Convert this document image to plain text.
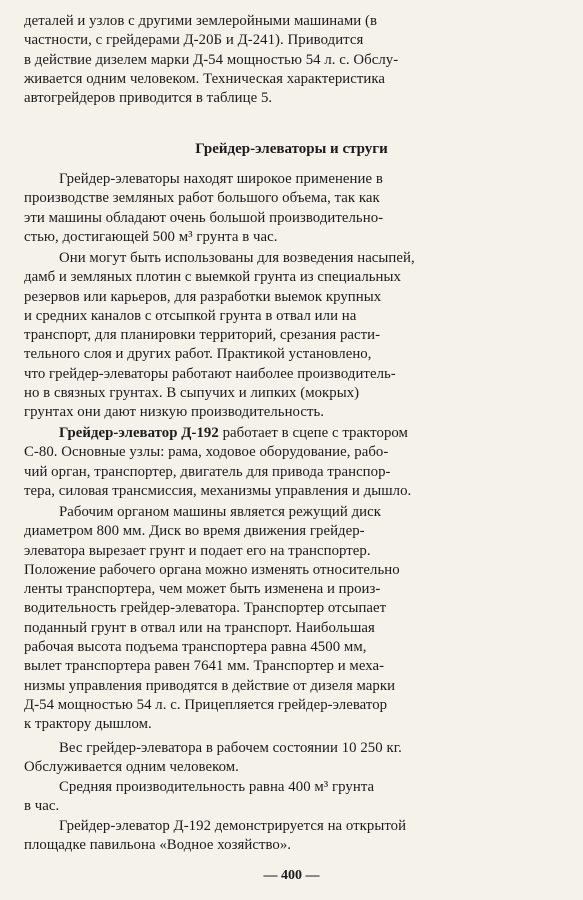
деталей и узлов с другими землеройными машинами (в
частности, с грейдерами Д-20Б и Д-241). Приводится
в действие дизелем марки Д-54 мощностью 54 л. с. Обслу-
живается одним человеком. Техническая характеристика
автогрейдеров приводится в таблице 5.
Грейдер-элеваторы и струги
Грейдер-элеваторы находят широкое применение в
производстве земляных работ большого объема, так как
эти машины обладают очень большой производительно-
стью, достигающей 500 м³ грунта в час.
Они могут быть использованы для возведения насыпей,
дамб и земляных плотин с выемкой грунта из специальных
резервов или карьеров, для разработки выемок крупных
и средних каналов с отсыпкой грунта в отвал или на
транспорт, для планировки территорий, срезания расти-
тельного слоя и других работ. Практикой установлено,
что грейдер-элеваторы работают наиболее производитель-
но в связных грунтах. В сыпучих и липких (мокрых)
грунтах они дают низкую производительность.
Грейдер-элеватор Д-192 работает в сцепе с трактором
С-80. Основные узлы: рама, ходовое оборудование, рабо-
чий орган, транспортер, двигатель для привода транспор-
тера, силовая трансмиссия, механизмы управления и дышло.
Рабочим органом машины является режущий диск
диаметром 800 мм. Диск во время движения грейдер-
элеватора вырезает грунт и подает его на транспортер.
Положение рабочего органа можно изменять относительно
ленты транспортера, чем может быть изменена и произ-
водительность грейдер-элеватора. Транспортер отсыпает
поданный грунт в отвал или на транспорт. Наибольшая
рабочая высота подъема транспортера равна 4500 мм,
вылет транспортера равен 7641 мм. Транспортер и меха-
низмы управления приводятся в действие от дизеля марки
Д-54 мощностью 54 л. с. Прицепляется грейдер-элеватор
к трактору дышлом.
Вес грейдер-элеватора в рабочем состоянии 10 250 кг.
Обслуживается одним человеком.
Средняя производительность равна 400 м³ грунта
в час.
Грейдер-элеватор Д-192 демонстрируется на открытой
площадке павильона «Водное хозяйство».
— 400 —
